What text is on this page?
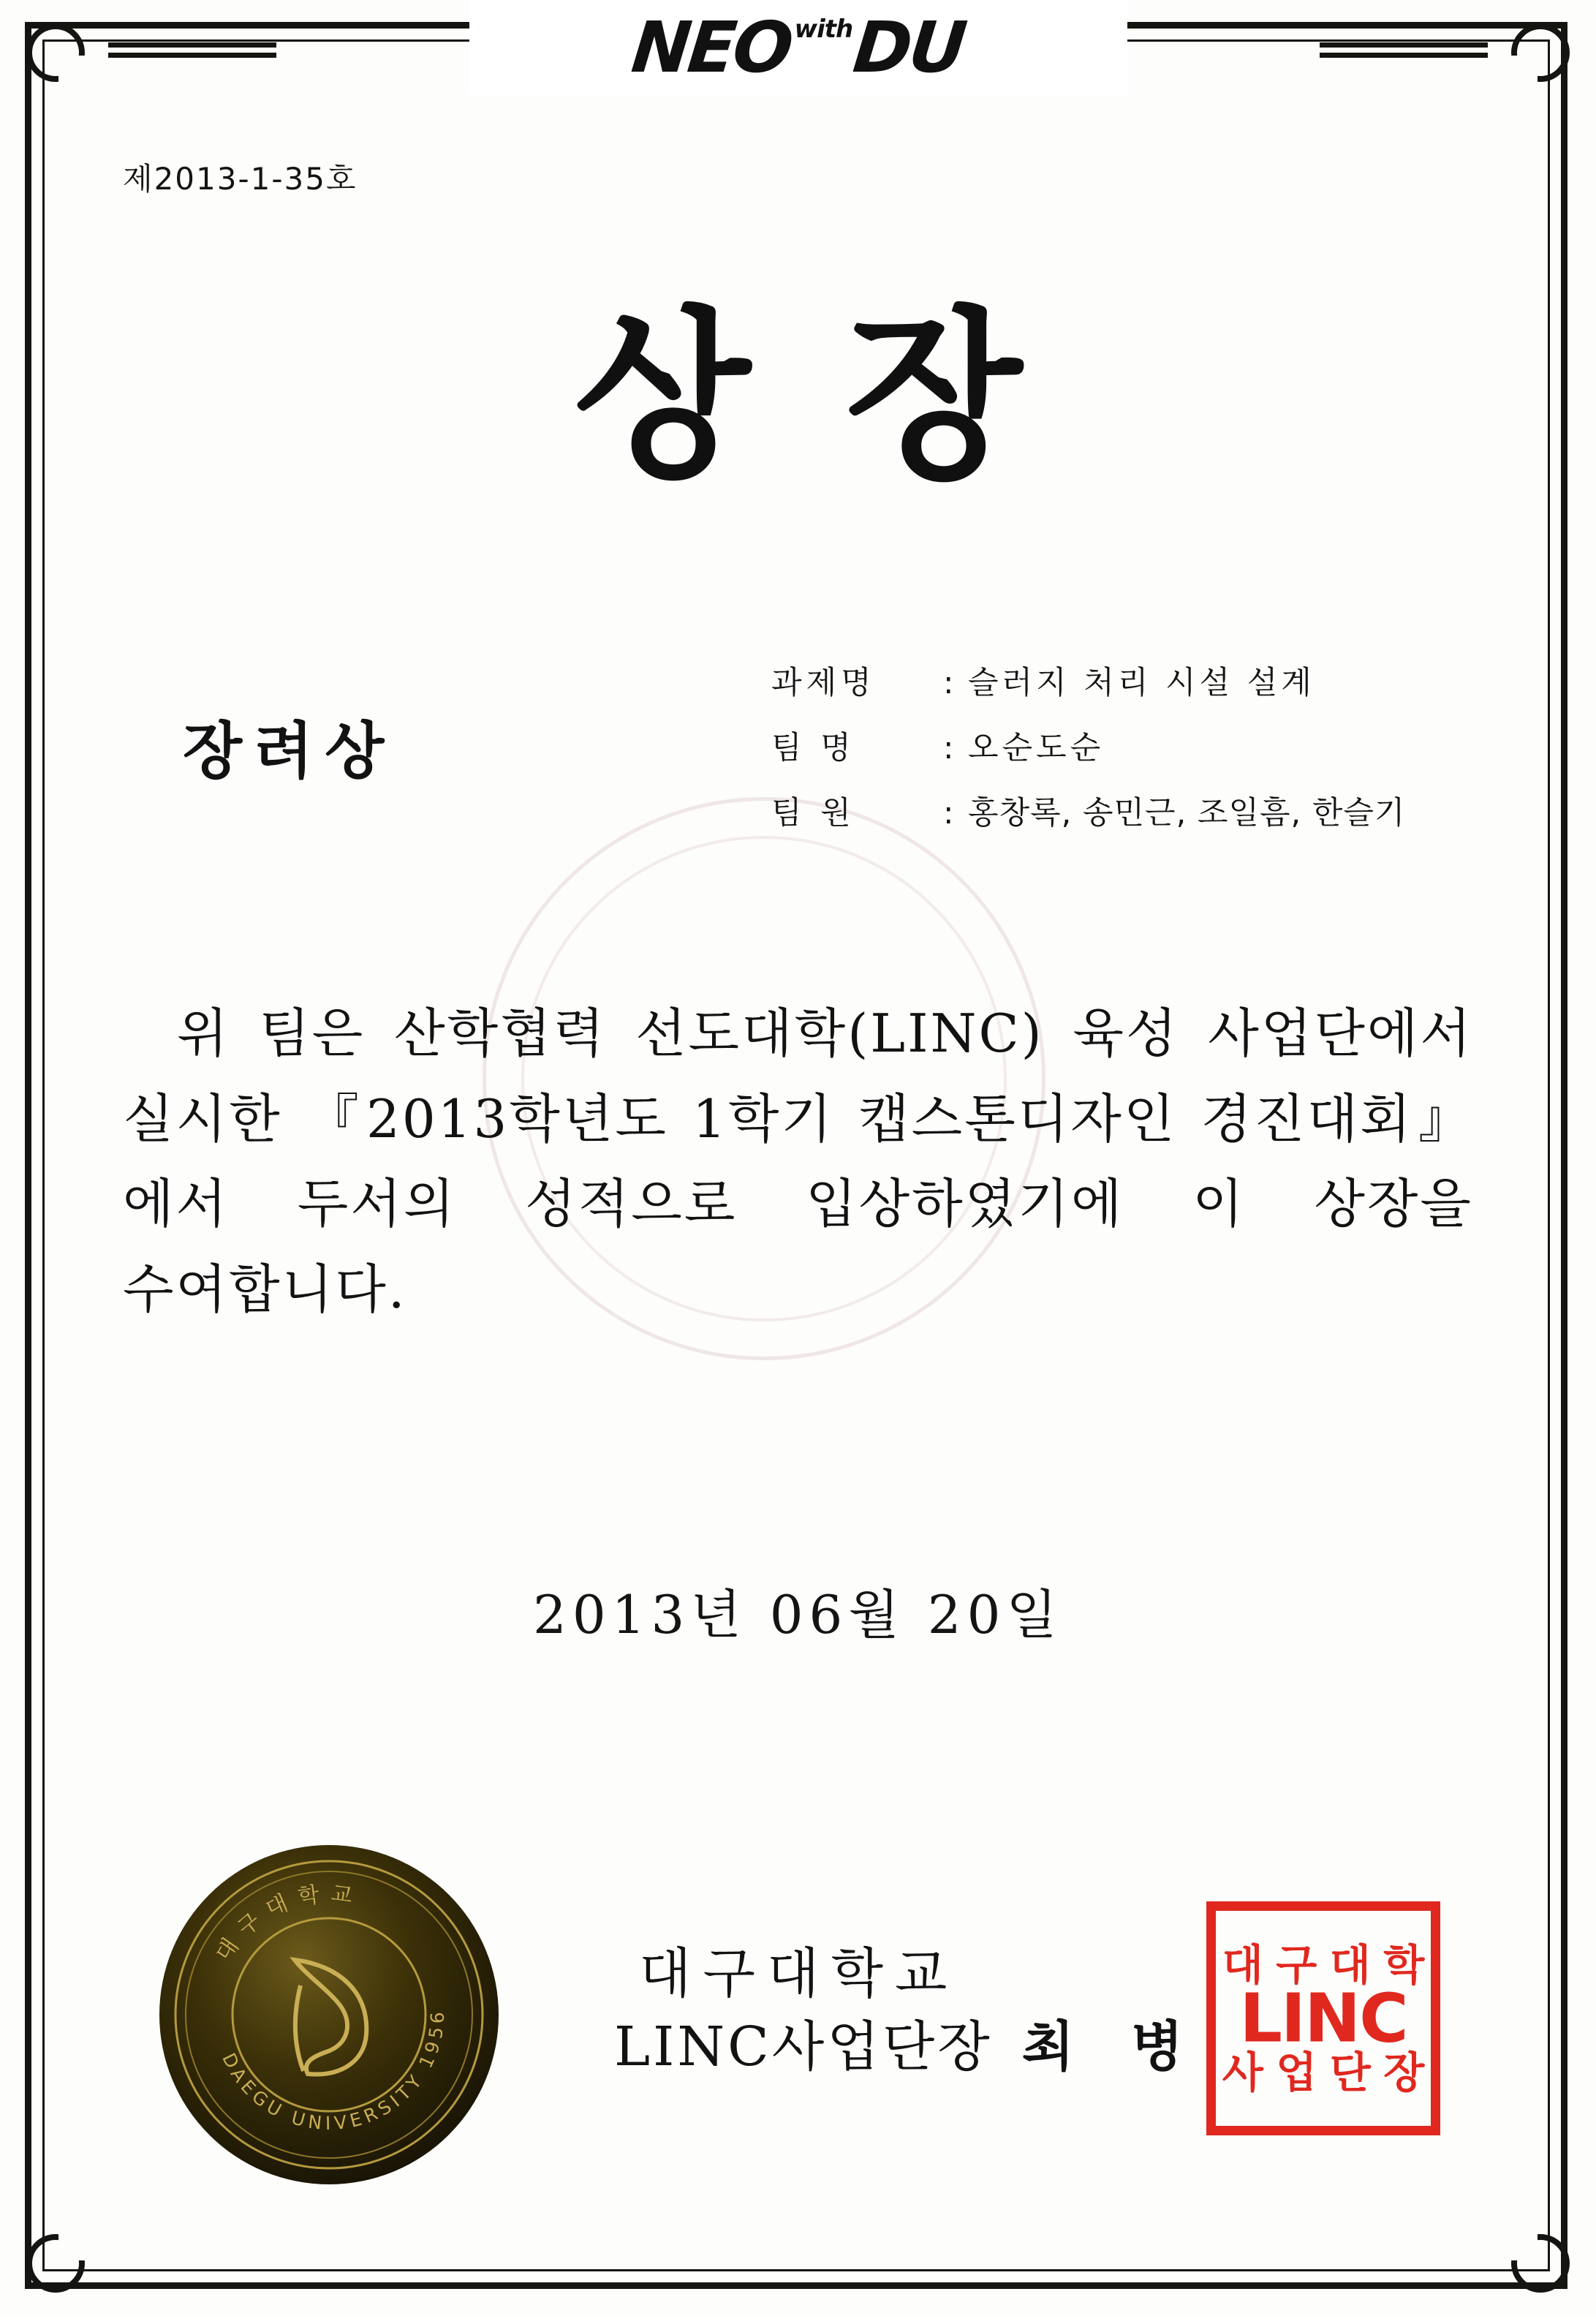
NEO with
DU
제2013-1-35호
상장
장려상
과제명	: 슬러지 처리 시설 설계
팀 명	: 오순도순
팀 원	: 홍창록, 송민근, 조일흠, 한슬기

위 팀은 산학협력 선도대학(LINC) 육성 사업단에서 실시한 『2013학년도 1학기 캡스톤디자인 경진대회』에서 두서의 성적으로 입상하였기에 이 상장을 수여합니다.

2013년 06월 20일
대구대학교
LINC사업단장 최 병
대구대학교
DAEGU UNIVERSITY 1956
대 구 대 학
사 업 단 장
LINC
